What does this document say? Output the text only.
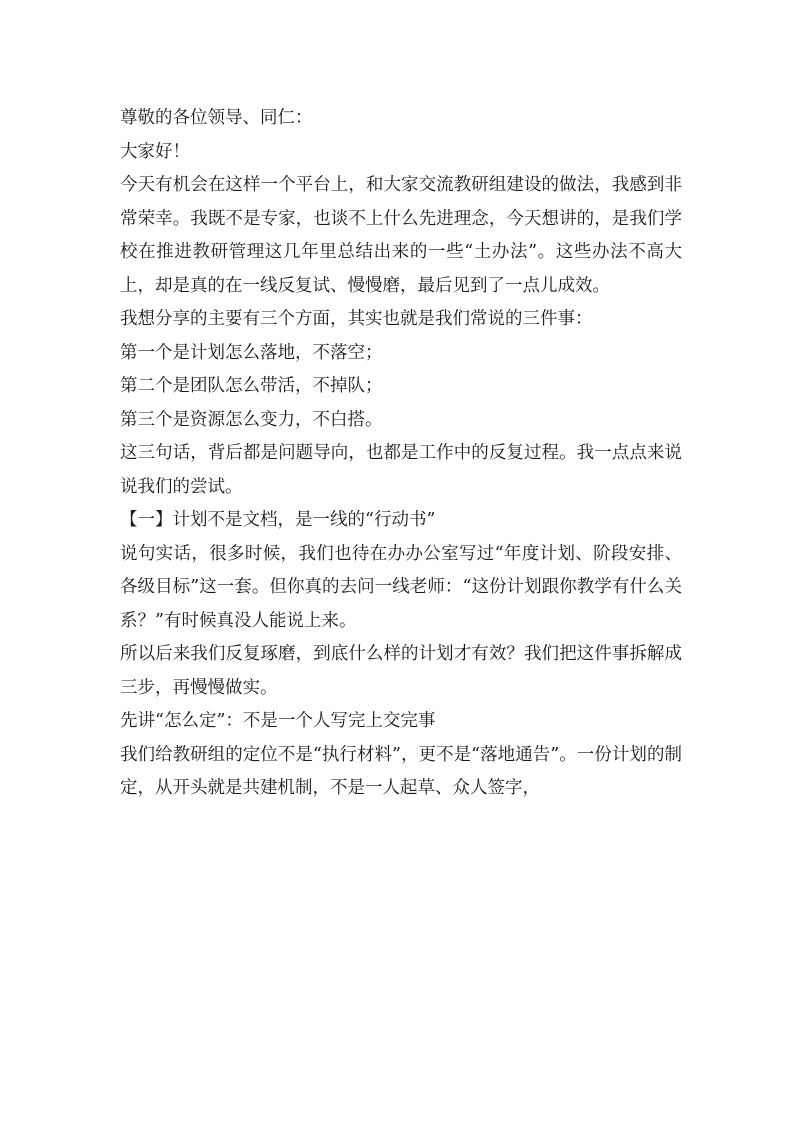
尊敬的各位领导、同仁：

大家好！

今天有机会在这样一个平台上，和大家交流教研组建设的做法，我感到非常荣幸。我既不是专家，也谈不上什么先进理念，今天想讲的，是我们学校在推进教研管理这几年里总结出来的一些“土办法”。这些办法不高大上，却是真的在一线反复试、慢慢磨，最后见到了一点儿成效。

我想分享的主要有三个方面，其实也就是我们常说的三件事：

第一个是计划怎么落地，不落空；

第二个是团队怎么带活，不掉队；

第三个是资源怎么变力，不白搭。

这三句话，背后都是问题导向，也都是工作中的反复过程。我一点点来说说我们的尝试。

【一】计划不是文档，是一线的“行动书”

说句实话，很多时候，我们也待在办办公室写过“年度计划、阶段安排、各级目标”这一套。但你真的去问一线老师：“这份计划跟你教学有什么关系？”有时候真没人能说上来。

所以后来我们反复琢磨，到底什么样的计划才有效？我们把这件事拆解成三步，再慢慢做实。

先讲“怎么定”：不是一个人写完上交完事

我们给教研组的定位不是“执行材料”，更不是“落地通告”。一份计划的制定，从开头就是共建机制，不是一人起草、众人签字，
